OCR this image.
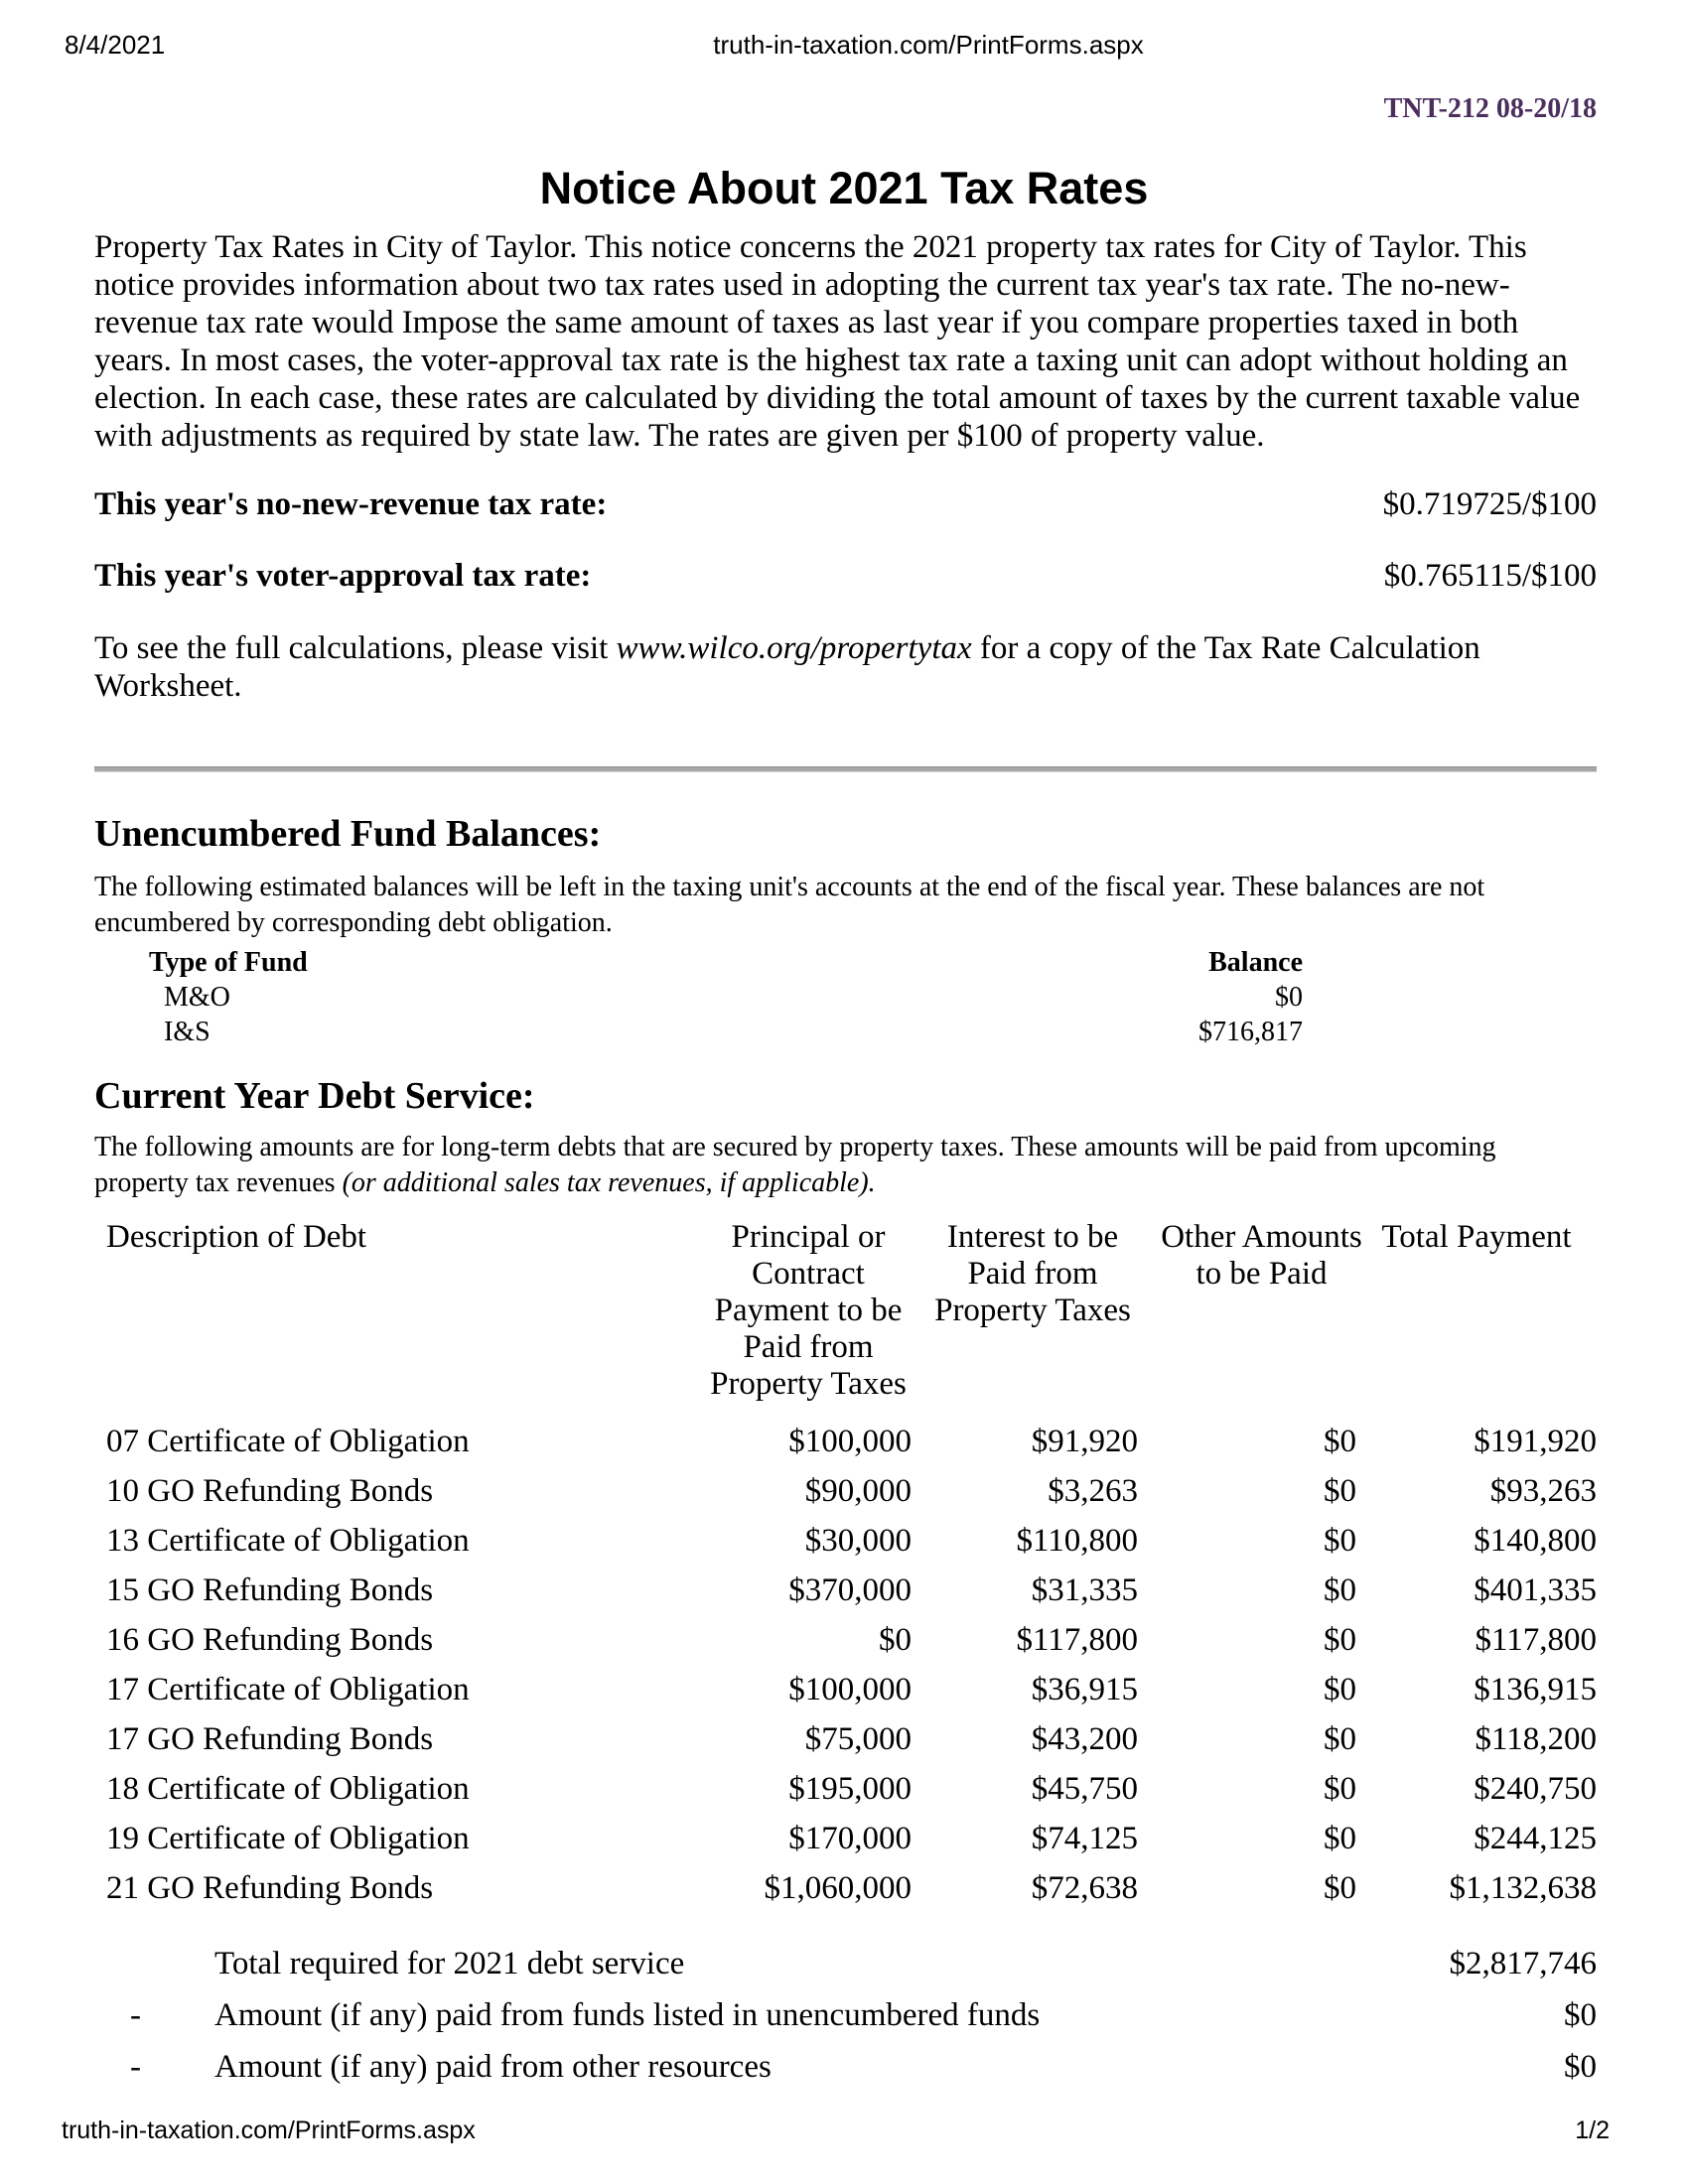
8/4/2021	truth-in-taxation.com/PrintForms.aspx
TNT-212 08-20/18
Notice About 2021 Tax Rates

Property Tax Rates in City of Taylor. This notice concerns the 2021 property tax rates for City of Taylor. This notice provides information about two tax rates used in adopting the current tax year's tax rate. The no-new-revenue tax rate would Impose the same amount of taxes as last year if you compare properties taxed in both years. In most cases, the voter-approval tax rate is the highest tax rate a taxing unit can adopt without holding an election. In each case, these rates are calculated by dividing the total amount of taxes by the current taxable value with adjustments as required by state law. The rates are given per $100 of property value.

This year's no-new-revenue tax rate:	$0.719725/$100
This year's voter-approval tax rate:	$0.765115/$100

To see the full calculations, please visit www.wilco.org/propertytax for a copy of the Tax Rate Calculation Worksheet.

Unencumbered Fund Balances:

The following estimated balances will be left in the taxing unit's accounts at the end of the fiscal year. These balances are not encumbered by corresponding debt obligation.

Type of Fund	Balance
M&O	$0
I&S	$716,817
Current Year Debt Service:

The following amounts are for long-term debts that are secured by property taxes. These amounts will be paid from upcoming property tax revenues (or additional sales tax revenues, if applicable).

Description of Debt	Principal or Contract Payment to be Paid from Property Taxes	Interest to be Paid from Property Taxes	Other Amounts to be Paid	Total Payment

07 Certificate of Obligation	$100,000	$91,920	$0	$191,920
10 GO Refunding Bonds	$90,000	$3,263	$0	$93,263
13 Certificate of Obligation	$30,000	$110,800	$0	$140,800
15 GO Refunding Bonds	$370,000	$31,335	$0	$401,335
16 GO Refunding Bonds	$0	$117,800	$0	$117,800
17 Certificate of Obligation	$100,000	$36,915	$0	$136,915
17 GO Refunding Bonds	$75,000	$43,200	$0	$118,200
18 Certificate of Obligation	$195,000	$45,750	$0	$240,750
19 Certificate of Obligation	$170,000	$74,125	$0	$244,125
21 GO Refunding Bonds	$1,060,000	$72,638	$0	$1,132,638
	Total required for 2021 debt service	$2,817,746
-	Amount (if any) paid from funds listed in unencumbered funds	$0
-	Amount (if any) paid from other resources	$0
truth-in-taxation.com/PrintForms.aspx	1/2
